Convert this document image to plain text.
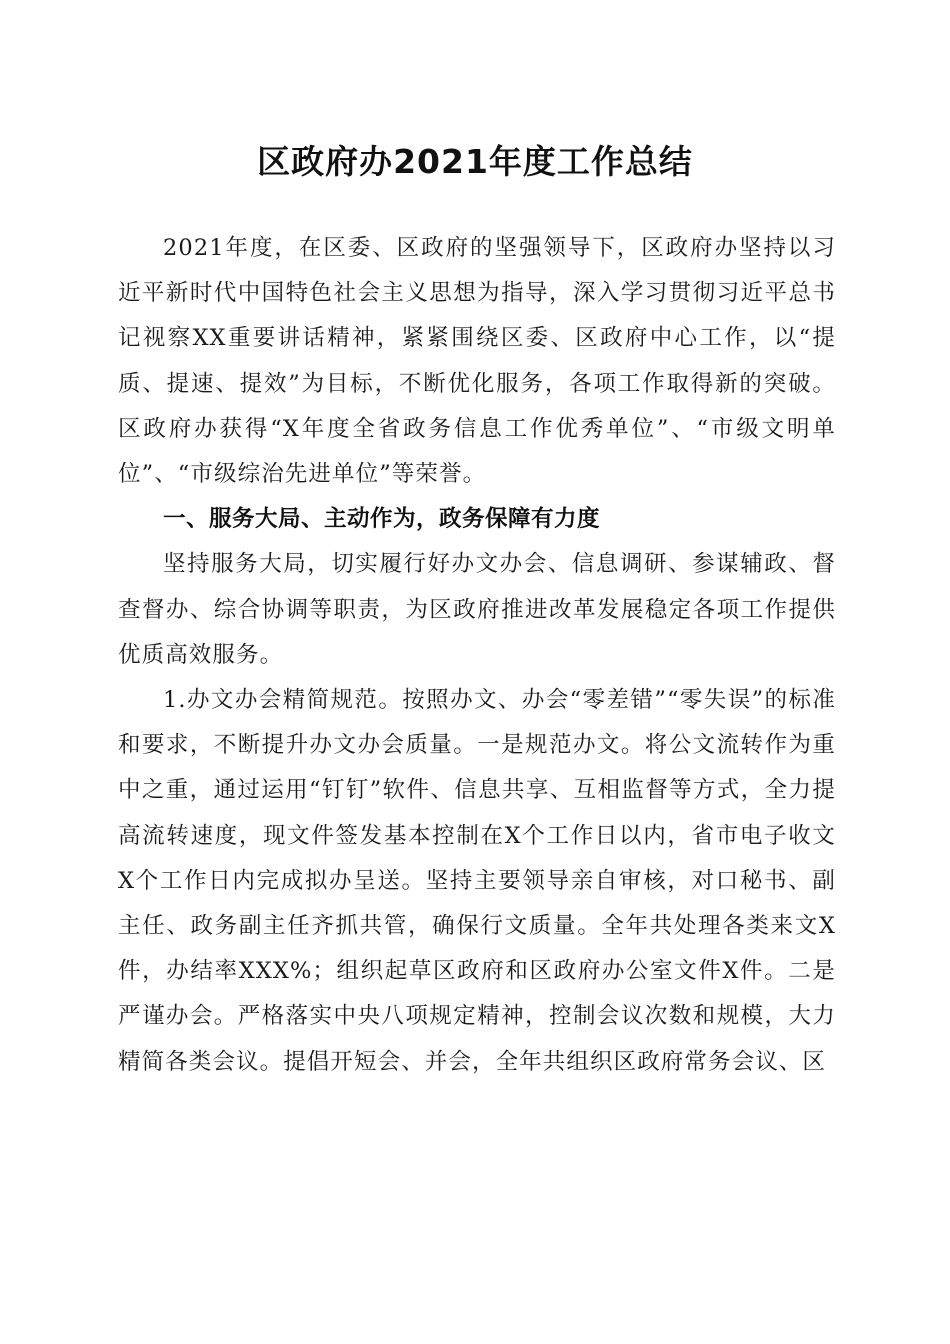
区政府办2021年度工作总结

2021年度，在区委、区政府的坚强领导下，区政府办坚持以习近平新时代中国特色社会主义思想为指导，深入学习贯彻习近平总书记视察XX重要讲话精神，紧紧围绕区委、区政府中心工作，以“提质、提速、提效”为目标，不断优化服务，各项工作取得新的突破。区政府办获得“X年度全省政务信息工作优秀单位”、“市级文明单位”、“市级综治先进单位”等荣誉。

一、服务大局、主动作为，政务保障有力度

坚持服务大局，切实履行好办文办会、信息调研、参谋辅政、督查督办、综合协调等职责，为区政府推进改革发展稳定各项工作提供优质高效服务。

1.办文办会精简规范。按照办文、办会“零差错”“零失误”的标准和要求，不断提升办文办会质量。一是规范办文。将公文流转作为重中之重，通过运用“钉钉”软件、信息共享、互相监督等方式，全力提高流转速度，现文件签发基本控制在X个工作日以内，省市电子收文X个工作日内完成拟办呈送。坚持主要领导亲自审核，对口秘书、副主任、政务副主任齐抓共管，确保行文质量。全年共处理各类来文X件，办结率XXX%；组织起草区政府和区政府办公室文件X件。二是严谨办会。严格落实中央八项规定精神，控制会议次数和规模，大力精简各类会议。提倡开短会、并会，全年共组织区政府常务会议、区
